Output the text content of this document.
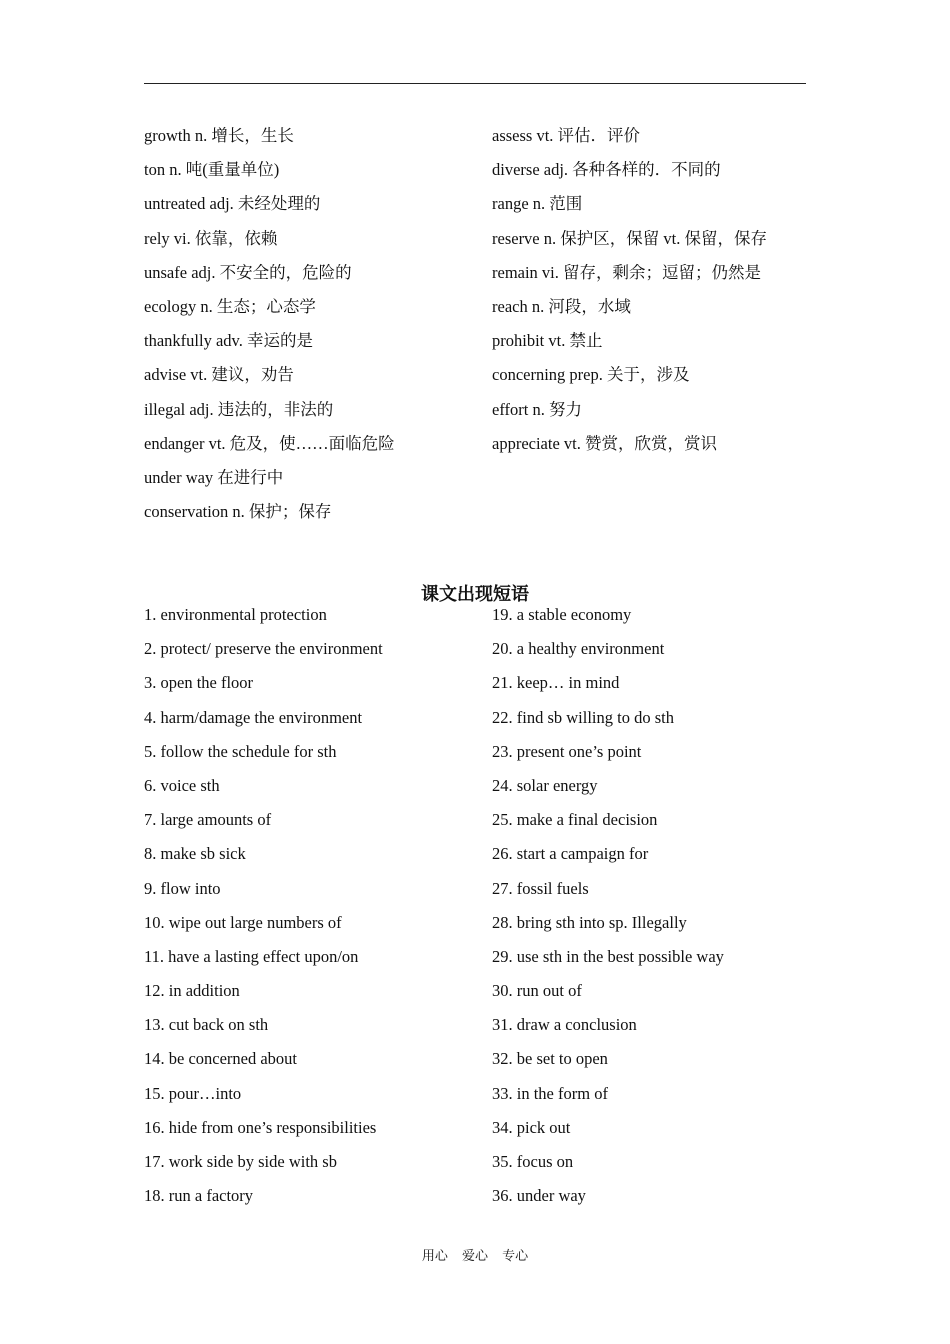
growth n. 增长，生长
ton n. 吨(重量单位)
untreated adj. 未经处理的
rely vi. 依靠，依赖
unsafe adj. 不安全的，危险的
ecology n. 生态；心态学
thankfully adv. 幸运的是
advise vt. 建议，劝告
illegal adj. 违法的，非法的
endanger vt. 危及，使……面临危险
under way 在进行中
conservation n. 保护；保存
assess vt. 评估．评价
diverse adj. 各种各样的．不同的
range n. 范围
reserve n. 保护区，保留 vt. 保留，保存
remain vi. 留存，剩余；逗留；仍然是
reach n. 河段，水域
prohibit vt. 禁止
concerning prep. 关于，涉及
effort n. 努力
appreciate vt. 赞赏，欣赏，赏识
课文出现短语
1. environmental protection
2. protect/ preserve the environment
3. open the floor
4. harm/damage the environment
5. follow the schedule for sth
6. voice sth
7. large amounts of
8. make sb sick
9. flow into
10. wipe out large numbers of
11. have a lasting effect upon/on
12. in addition
13. cut back on sth
14. be concerned about
15. pour…into
16. hide from one’s responsibilities
17. work side by side with sb
18. run a factory
19. a stable economy
20. a healthy environment
21. keep… in mind
22. find sb willing to do sth
23. present one’s point
24. solar energy
25. make a final decision
26. start a campaign for
27. fossil fuels
28. bring sth into sp. Illegally
29. use sth in the best possible way
30. run out of
31. draw a conclusion
32. be set to open
33. in the form of
34. pick out
35. focus on
36. under way
用心 爱心 专心
